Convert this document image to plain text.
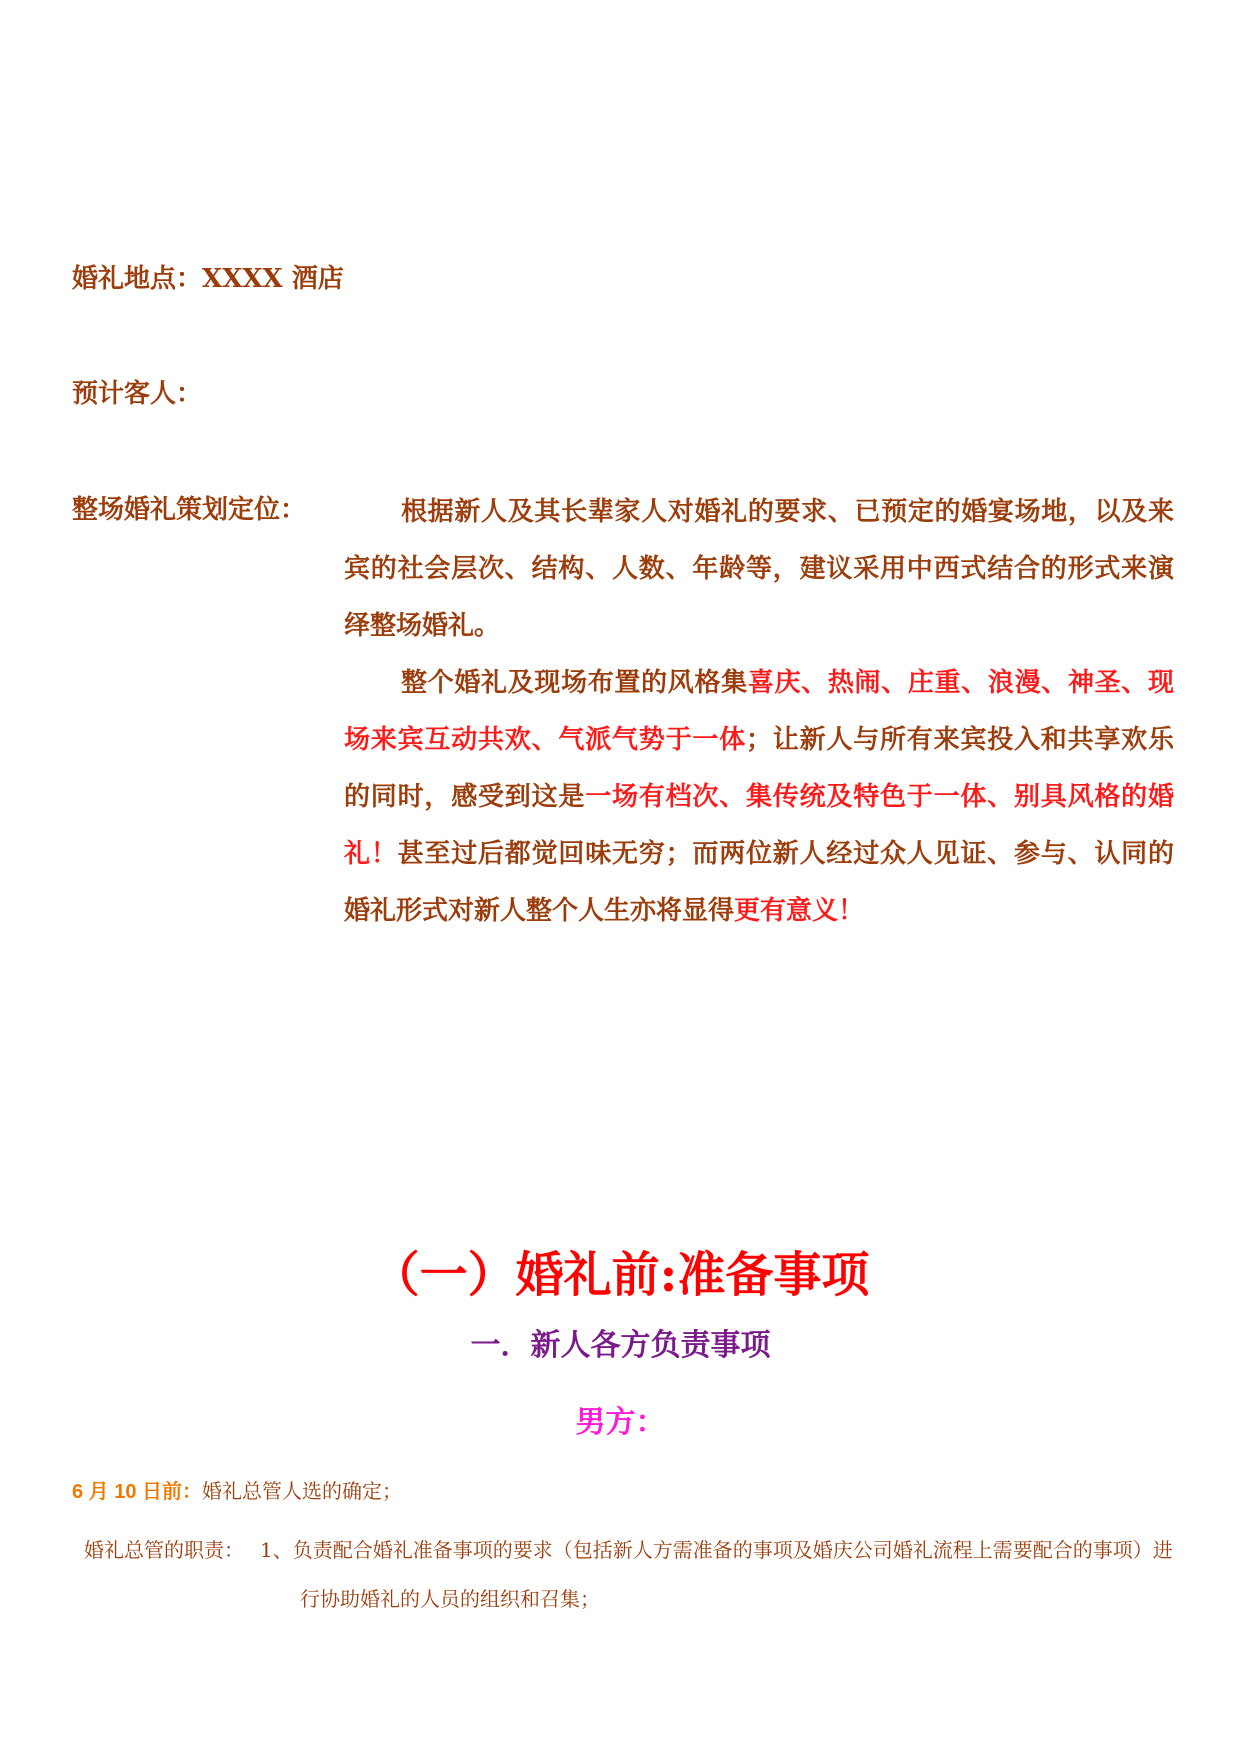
婚礼地点：XXXX 酒店
预计客人：
整场婚礼策划定位：	根据新人及其长辈家人对婚礼的要求、已预定的婚宴场地，以及来宾的社会层次、结构、人数、年龄等，建议采用中西式结合的形式来演绎整场婚礼。

整个婚礼及现场布置的风格集喜庆、热闹、庄重、浪漫、神圣、现场来宾互动共欢、气派气势于一体；让新人与所有来宾投入和共享欢乐　的同时，感受到这是一场有档次、集传统及特色于一体、别具风格的婚礼！甚至过后都觉回味无穷；而两位新人经过众人见证、参与、认同的婚礼形式对新人整个人生亦将显得更有意义！

（一）婚礼前:准备事项
一．新人各方负责事项
男方：
6 月 10 日前：婚礼总管人选的确定；
婚礼总管的职责： 1、负责配合婚礼准备事项的要求（包括新人方需准备的事项及婚庆公司婚礼流程上需要配合的事项）进行协助婚礼的人员的组织和召集；
